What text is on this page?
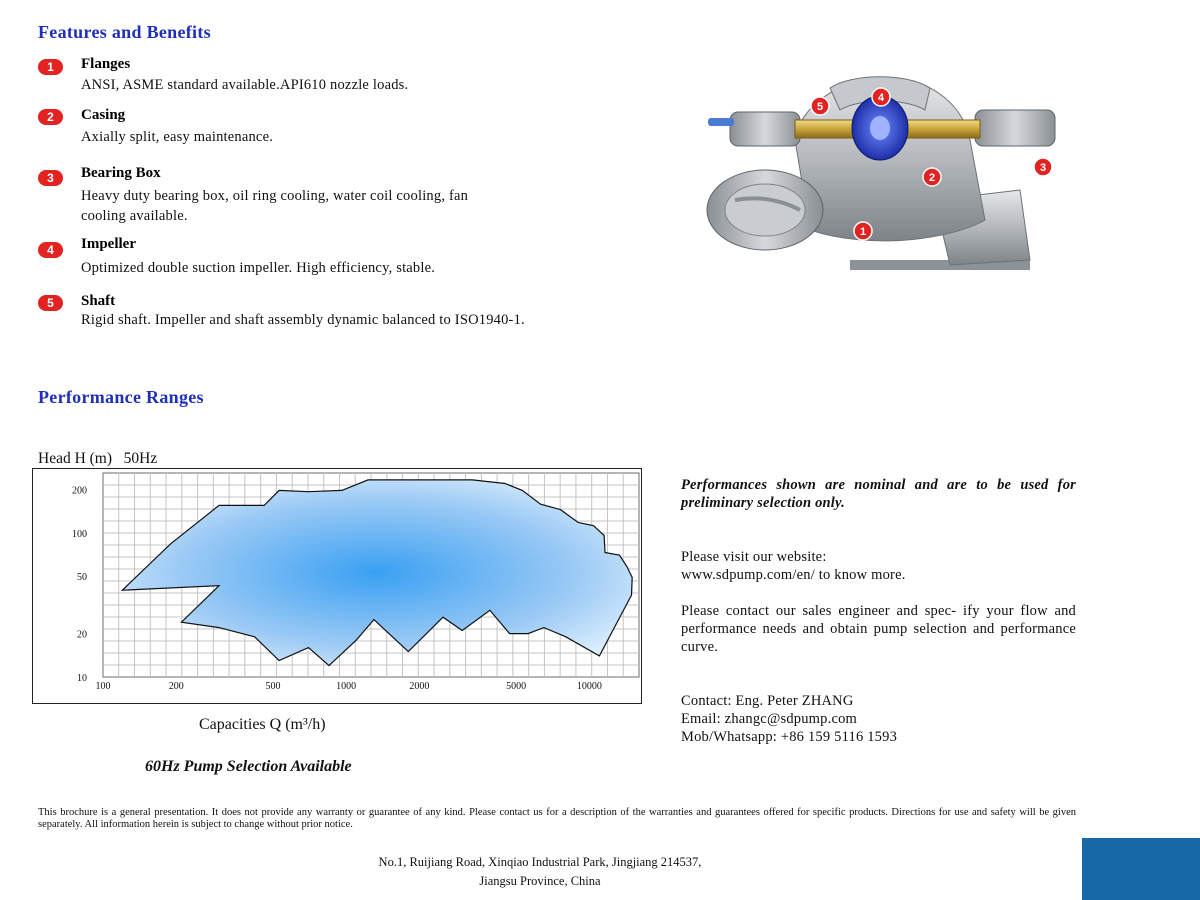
Features and Benefits
1	Flanges
ANSI, ASME standard available.API610 nozzle loads.
2	Casing
Axially split, easy maintenance.
3	Bearing Box
Heavy duty bearing box, oil ring cooling, water coil cooling, fan
cooling available.
4	Impeller
Optimized double suction impeller. High efficiency, stable.
5	Shaft
Rigid shaft. Impeller and shaft assembly dynamic balanced to ISO1940-1.
5
4
3
2
1
Performance Ranges
Head H (m) 50Hz
100	200	500	1000	2000	5000	10000
10
20
50
100
200
Capacities Q (m³/h)
60Hz Pump Selection Available
Performances shown are nominal and are to be used for preliminary selection only.
Please visit our website:
www.sdpump.com/en/ to know more.
Please contact our sales engineer and spec- ify your flow and performance needs and obtain pump selection and performance curve.
Contact: Eng. Peter ZHANG
Email: zhangc@sdpump.com
Mob/Whatsapp: +86 159 5116 1593
This brochure is a general presentation. It does not provide any warranty or guarantee of any kind. Please contact us for a description of the warranties and guarantees offered for specific products. Directions for use and safety will be given separately. All information herein is subject to change without prior notice.
No.1, Ruijiang Road, Xinqiao Industrial Park, Jingjiang 214537,
Jiangsu Province, China
